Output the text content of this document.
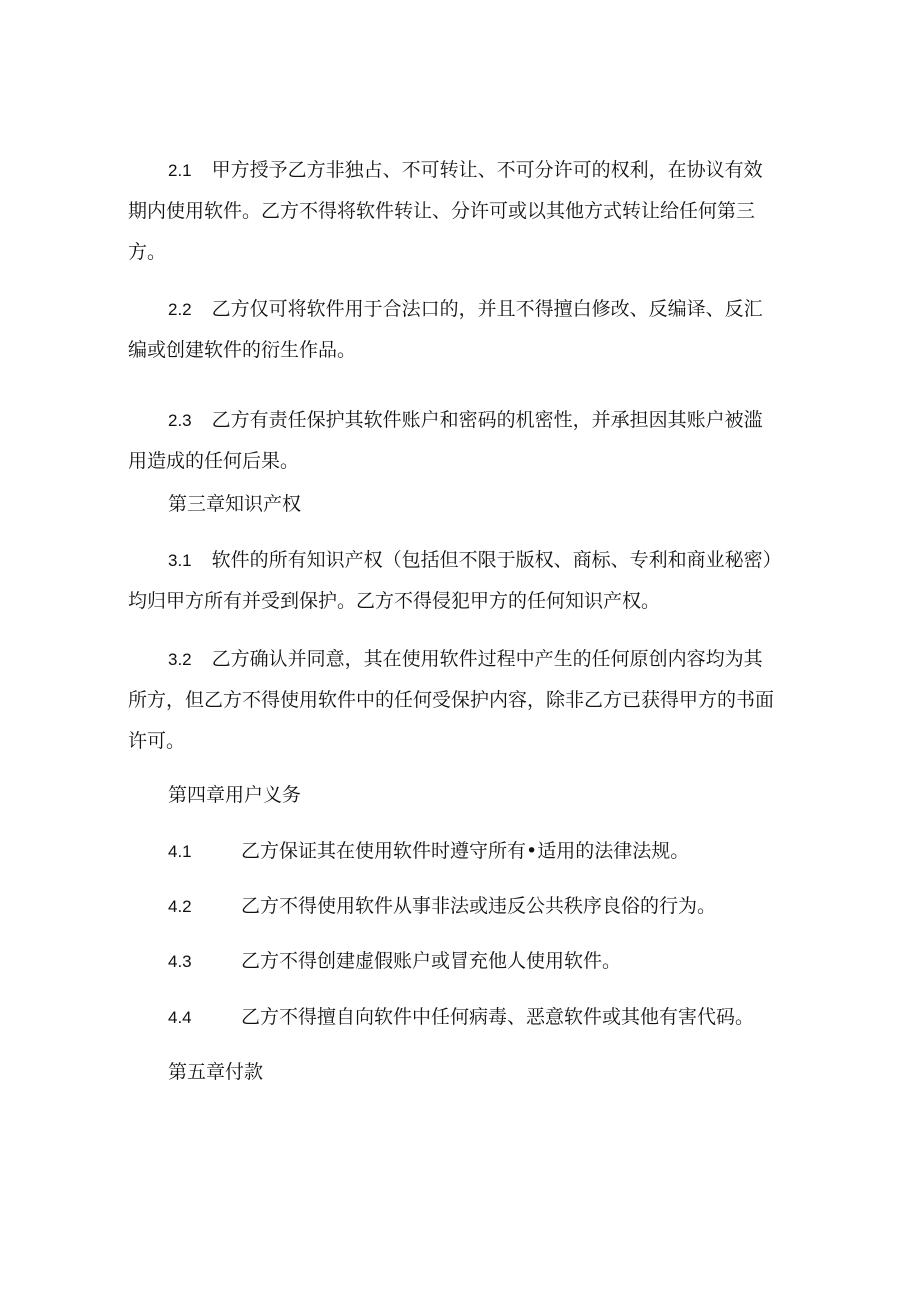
2.1 甲方授予乙方非独占、不可转让、不可分许可的权利，在协议有效期内使用软件。乙方不得将软件转让、分许可或以其他方式转让给任何第三方。

2.2 乙方仅可将软件用于合法口的，并且不得擅白修改、反编译、反汇编或创建软件的衍生作品。

2.3 乙方有责任保护其软件账户和密码的机密性，并承担因其账户被滥用造成的任何后果。

第三章知识产权

3.1 软件的所有知识产权（包括但不限于版权、商标、专利和商业秘密）均归甲方所有并受到保护。乙方不得侵犯甲方的任何知识产权。

3.2 乙方确认并同意，其在使用软件过程中产生的任何原创内容均为其所方，但乙方不得使用软件中的任何受保护内容，除非乙方已获得甲方的书面许可。

第四章用户义务

4.1	乙方保证其在使用软件时遵守所有•适用的法律法规。
4.2	乙方不得使用软件从事非法或违反公共秩序良俗的行为。
4.3	乙方不得创建虚假账户或冒充他人使用软件。
4.4	乙方不得擅自向软件中任何病毒、恶意软件或其他有害代码。

第五章付款
